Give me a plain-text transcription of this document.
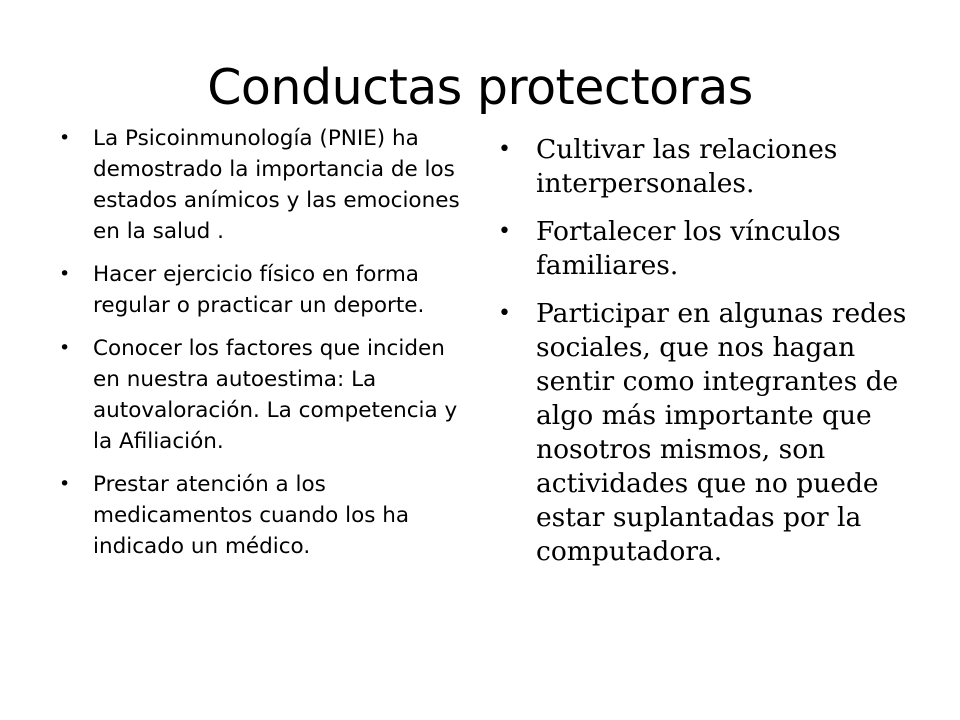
Conductas protectoras
• La Psicoinmunología (PNIE) ha demostrado la importancia de los estados anímicos y las emociones en la salud .
• Hacer ejercicio físico en forma regular o practicar un deporte.
• Conocer los factores que inciden en nuestra autoestima: La autovaloración. La competencia y la Afiliación.
• Prestar atención a los medicamentos cuando los ha indicado un médico.
• Cultivar las relaciones interpersonales.
• Fortalecer los vínculos familiares.
• Participar en algunas redes sociales, que nos hagan sentir como integrantes de algo más importante que nosotros mismos, son actividades que no puede estar suplantadas por la computadora.
